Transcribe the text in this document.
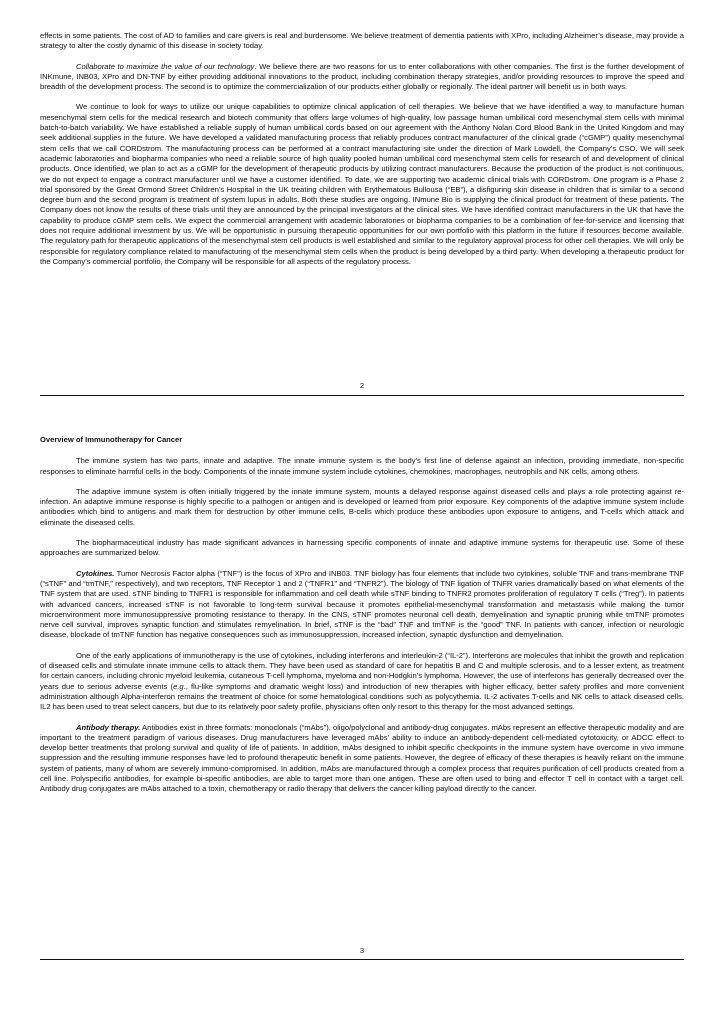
effects in some patients. The cost of AD to families and care givers is real and burdensome. We believe treatment of dementia patients with XPro, including Alzheimer’s disease, may provide a strategy to alter the costly dynamic of this disease in society today.

Collaborate to maximize the value of our technology. We believe there are two reasons for us to enter collaborations with other companies. The first is the further development of INKmune, INB03, XPro and DN-TNF by either providing additional innovations to the product, including combination therapy strategies, and/or providing resources to improve the speed and breadth of the development process. The second is to optimize the commercialization of our products either globally or regionally. The ideal partner will benefit us in both ways.

We continue to look for ways to utilize our unique capabilities to optimize clinical application of cell therapies. We believe that we have identified a way to manufacture human mesenchymal stem cells for the medical research and biotech community that offers large volumes of high-quality, low passage human umbilical cord mesenchymal stem cells with minimal batch-to-batch variability. We have established a reliable supply of human umbilical cords based on our agreement with the Anthony Nolan Cord Blood Bank in the United Kingdom and may seek additional supplies in the future. We have developed a validated manufacturing process that reliably produces contract manufacturer of the clinical grade (“cGMP”) quality mesenchymal stem cells that we call CORDstrom. The manufacturing process can be performed at a contract manufacturing site under the direction of Mark Lowdell, the Company’s CSO. We will seek academic laboratories and biopharma companies who need a reliable source of high quality pooled human umbilical cord mesenchymal stem cells for research of and development of clinical products. Once identified, we plan to act as a cGMP for the development of therapeutic products by utilizing contract manufacturers. Because the production of the product is not continuous, we do not expect to engage a contract manufacturer until we have a customer identified. To date, we are supporting two academic clinical trials with CORDstrom. One program is a Phase 2 trial sponsored by the Great Ormond Street Children’s Hospital in the UK treating children with Erythematous Bullousa (“EB”), a disfiguring skin disease in children that is similar to a second degree burn and the second program is treatment of system lupus in adults. Both these studies are ongoing. INmune Bio is supplying the clinical product for treatment of these patients. The Company does not know the results of these trials until they are announced by the principal investigators at the clinical sites. We have identified contract manufacturers in the UK that have the capability to produce cGMP stem cells. We expect the commercial arrangement with academic laboratories or biopharma companies to be a combination of fee-for-service and licensing that does not require additional investment by us. We will be opportunistic in pursuing therapeutic opportunities for our own portfolio with this platform in the future if resources become available. The regulatory path for therapeutic applications of the mesenchymal stem cell products is well established and similar to the regulatory approval process for other cell therapies. We will only be responsible for regulatory compliance related to manufacturing of the mesenchymal stem cells when the product is being developed by a third party. When developing a therapeutic product for the Company’s commercial portfolio, the Company will be responsible for all aspects of the regulatory process.

2
Overview of Immunotherapy for Cancer

The immune system has two parts, innate and adaptive. The innate immune system is the body’s first line of defense against an infection, providing immediate, non-specific responses to eliminate harmful cells in the body. Components of the innate immune system include cytokines, chemokines, macrophages, neutrophils and NK cells, among others.

The adaptive immune system is often initially triggered by the innate immune system, mounts a delayed response against diseased cells and plays a role protecting against re-infection. An adaptive immune response is highly specific to a pathogen or antigen and is developed or learned from prior exposure. Key components of the adaptive immune system include antibodies which bind to antigens and mark them for destruction by other immune cells, B-cells which produce these antibodies upon exposure to antigens, and T-cells which attack and eliminate the diseased cells.

The biopharmaceutical industry has made significant advances in harnessing specific components of innate and adaptive immune systems for therapeutic use. Some of these approaches are summarized below.

Cytokines. Tumor Necrosis Factor alpha (“TNF”) is the focus of XPro and INB03. TNF biology has four elements that include two cytokines, soluble TNF and trans-membrane TNF (“sTNF” and “tmTNF,” respectively), and two receptors, TNF Receptor 1 and 2 (“TNFR1” and “TNFR2”). The biology of TNF ligation of TNFR varies dramatically based on what elements of the TNF system that are used. sTNF binding to TNFR1 is responsible for inflammation and cell death while sTNF binding to TNFR2 promotes proliferation of regulatory T cells (“Treg”). In patients with advanced cancers, increased sTNF is not favorable to long-term survival because it promotes epithelial-mesenchymal transformation and metastasis while making the tumor microenvironment more immunosuppressive promoting resistance to therapy. In the CNS, sTNF promotes neuronal cell death, demyelination and synaptic pruning while tmTNF promotes nerve cell survival, improves synaptic function and stimulates remyelination. In brief, sTNF is the “bad” TNF and tmTNF is the “good” TNF. In patients with cancer, infection or neurologic disease, blockade of tmTNF function has negative consequences such as immunosuppression, increased infection, synaptic dysfunction and demyelination.

One of the early applications of immunotherapy is the use of cytokines, including interferons and interleukin-2 (“IL-2”). Interferons are molecules that inhibit the growth and replication of diseased cells and stimulate innate immune cells to attack them. They have been used as standard of care for hepatitis B and C and multiple sclerosis, and to a lesser extent, as treatment for certain cancers, including chronic myeloid leukemia, cutaneous T-cell lymphoma, myeloma and non-Hodgkin’s lymphoma. However, the use of interferons has generally decreased over the years due to serious adverse events (e.g., flu-like symptoms and dramatic weight loss) and introduction of new therapies with higher efficacy, better safety profiles and more convenient administration although Alpha-interferon remains the treatment of choice for some hematological conditions such as polycythemia. IL-2 activates T-cells and NK cells to attack diseased cells. IL2 has been used to treat select cancers, but due to its relatively poor safety profile, physicians often only resort to this therapy for the most advanced settings.

Antibody therapy. Antibodies exist in three formats: monoclonals (“mAbs”), oligo/polyclonal and antibody-drug conjugates. mAbs represent an effective therapeutic modality and are important to the treatment paradigm of various diseases. Drug manufacturers have leveraged mAbs’ ability to induce an antibody-dependent cell-mediated cytotoxicity, or ADCC effect to develop better treatments that prolong survival and quality of life of patients. In addition, mAbs designed to inhibit specific checkpoints in the immune system have overcome in vivo immune suppression and the resulting immune responses have led to profound therapeutic benefit in some patients. However, the degree of efficacy of these therapies is heavily reliant on the immune system of patients, many of whom are severely immuno-compromised. In addition, mAbs are manufactured through a complex process that requires purification of cell products created from a cell line. Polyspecific antibodies, for example bi-specific antibodies, are able to target more than one antigen. These are often used to bring and effector T cell in contact with a target cell. Antibody drug conjugates are mAbs attached to a toxin, chemotherapy or radio therapy that delivers the cancer killing payload directly to the cancer.

3
